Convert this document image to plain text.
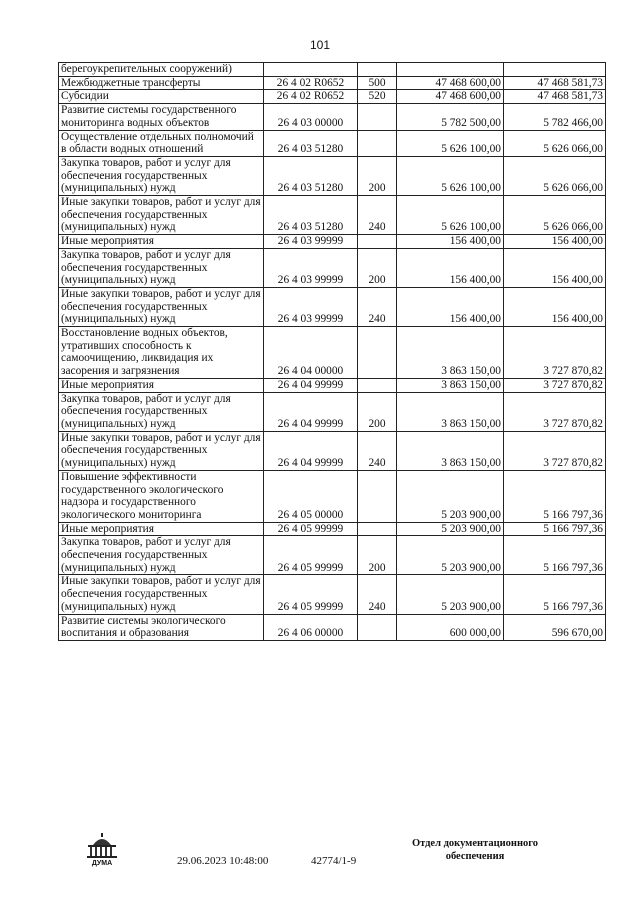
101
берегоукрепительных сооружений)				
Межбюджетные трансферты	26 4 02 R0652	500	47 468 600,00	47 468 581,73
Субсидии	26 4 02 R0652	520	47 468 600,00	47 468 581,73
Развитие системы государственного мониторинга водных объектов	26 4 03 00000		5 782 500,00	5 782 466,00
Осуществление отдельных полномочий в области водных отношений	26 4 03 51280		5 626 100,00	5 626 066,00
Закупка товаров, работ и услуг для обеспечения государственных (муниципальных) нужд	26 4 03 51280	200	5 626 100,00	5 626 066,00
Иные закупки товаров, работ и услуг для обеспечения государственных (муниципальных) нужд	26 4 03 51280	240	5 626 100,00	5 626 066,00
Иные мероприятия	26 4 03 99999		156 400,00	156 400,00
Закупка товаров, работ и услуг для обеспечения государственных (муниципальных) нужд	26 4 03 99999	200	156 400,00	156 400,00
Иные закупки товаров, работ и услуг для обеспечения государственных (муниципальных) нужд	26 4 03 99999	240	156 400,00	156 400,00
Восстановление водных объектов, утративших способность к самоочищению, ликвидация их засорения и загрязнения	26 4 04 00000		3 863 150,00	3 727 870,82
Иные мероприятия	26 4 04 99999		3 863 150,00	3 727 870,82
Закупка товаров, работ и услуг для обеспечения государственных (муниципальных) нужд	26 4 04 99999	200	3 863 150,00	3 727 870,82
Иные закупки товаров, работ и услуг для обеспечения государственных (муниципальных) нужд	26 4 04 99999	240	3 863 150,00	3 727 870,82
Повышение эффективности государственного экологического надзора и государственного экологического мониторинга	26 4 05 00000		5 203 900,00	5 166 797,36
Иные мероприятия	26 4 05 99999		5 203 900,00	5 166 797,36
Закупка товаров, работ и услуг для обеспечения государственных (муниципальных) нужд	26 4 05 99999	200	5 203 900,00	5 166 797,36
Иные закупки товаров, работ и услуг для обеспечения государственных (муниципальных) нужд	26 4 05 99999	240	5 203 900,00	5 166 797,36
Развитие системы экологического воспитания и образования	26 4 06 00000		600 000,00	596 670,00
ДУМА	29.06.2023 10:48:00	42774/1-9
Отдел документационного обеспечения
